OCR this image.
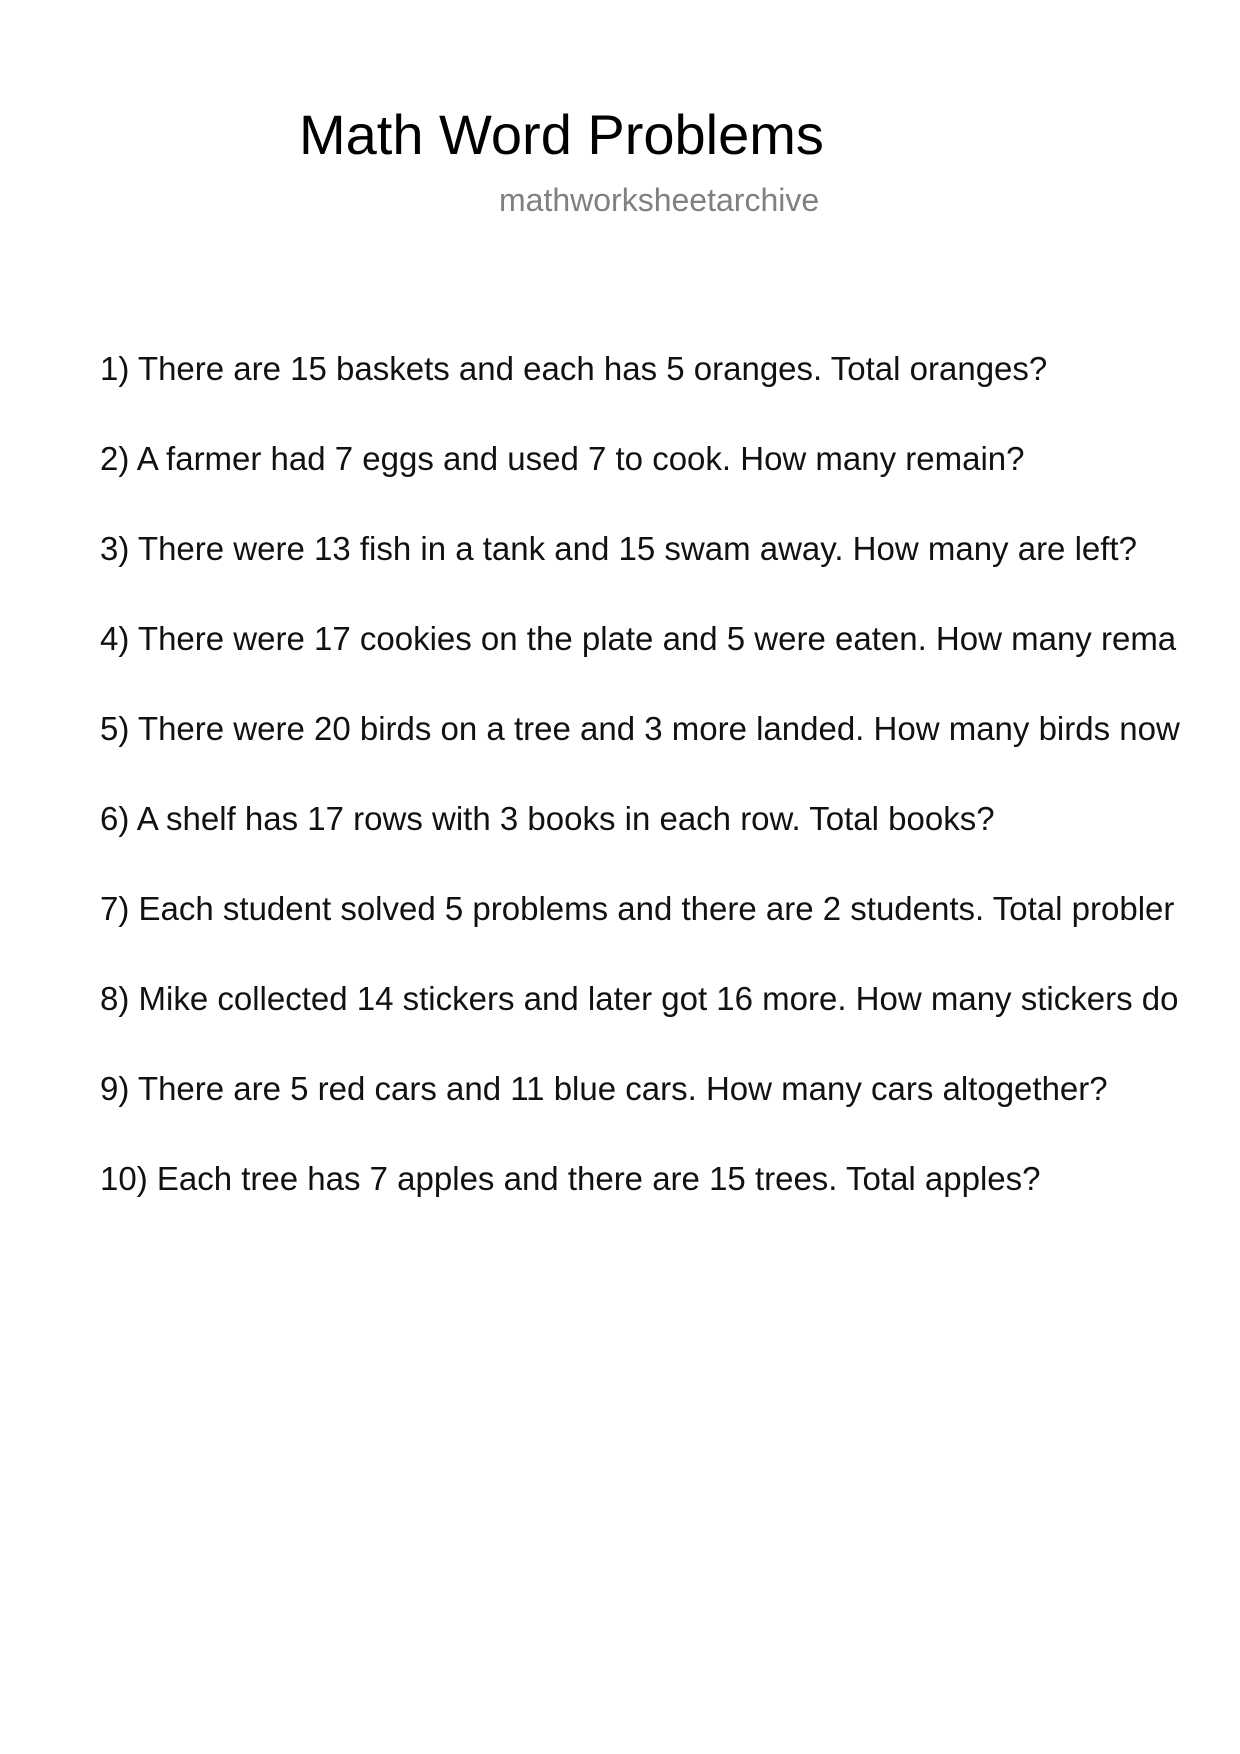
Math Word Problems
mathworksheetarchive
1) There are 15 baskets and each has 5 oranges. Total oranges?
2) A farmer had 7 eggs and used 7 to cook. How many remain?
3) There were 13 fish in a tank and 15 swam away. How many are left?
4) There were 17 cookies on the plate and 5 were eaten. How many rema
5) There were 20 birds on a tree and 3 more landed. How many birds now
6) A shelf has 17 rows with 3 books in each row. Total books?
7) Each student solved 5 problems and there are 2 students. Total probler
8) Mike collected 14 stickers and later got 16 more. How many stickers do
9) There are 5 red cars and 11 blue cars. How many cars altogether?
10) Each tree has 7 apples and there are 15 trees. Total apples?
